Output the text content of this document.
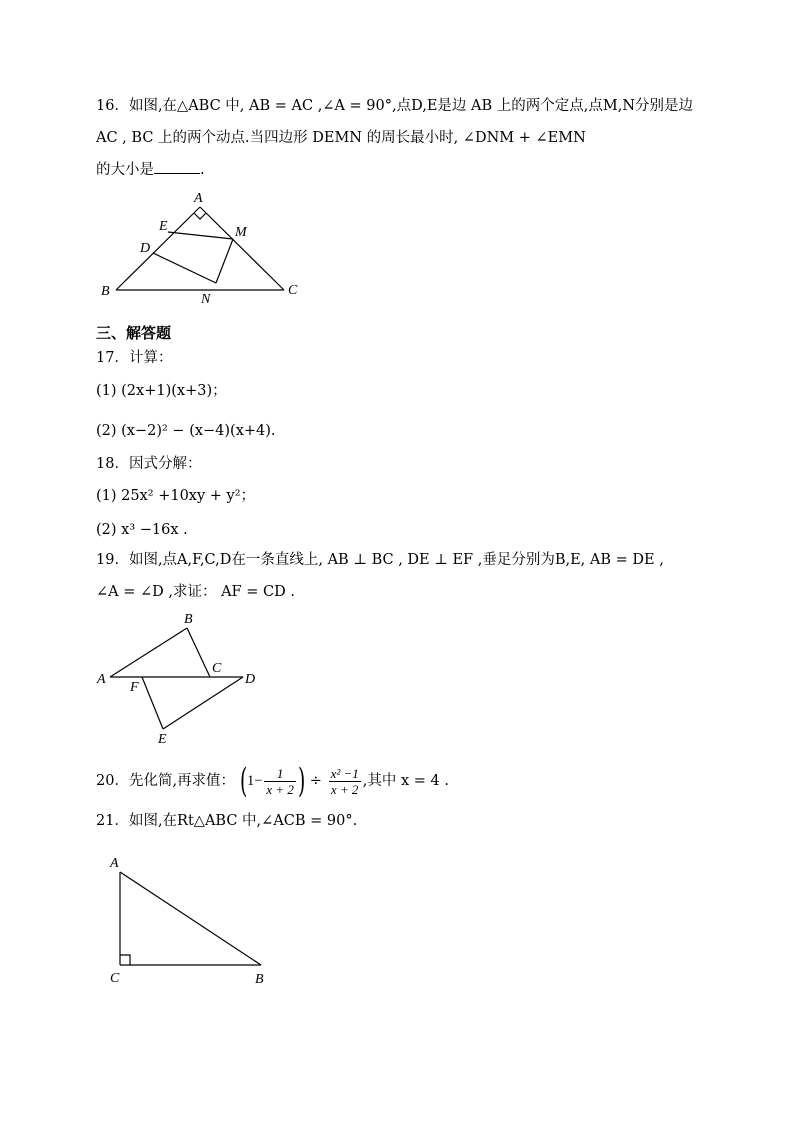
16．如图,在△ABC 中, AB = AC ,∠A = 90°,点D,E是边 AB 上的两个定点,点M,N分别是边
AC , BC 上的两个动点.当四边形 DEMN 的周长最小时, ∠DNM + ∠EMN
的大小是	.
A
B	C
D
E	M
N
三、解答题
17．计算：
(1) (2x+1)(x+3)；
(2) (x−2)² − (x−4)(x+4).
18．因式分解：
(1) 25x² +10xy + y²；
(2) x³ −16x .
19．如图,点A,F,C,D在一条直线上, AB ⊥ BC , DE ⊥ EF ,垂足分别为B,E, AB = DE ,
∠A = ∠D ,求证： AF = CD .
A
B
C
D
E
F
20．先化简,再求值： ($1- \frac{1}{x + 2}$ ) ÷ $\frac{\text{x² −1}}{x + 2}$ ,其中 x = 4 .
21．如图,在Rt△ABC 中,∠ACB = 90°.
A
C	B
